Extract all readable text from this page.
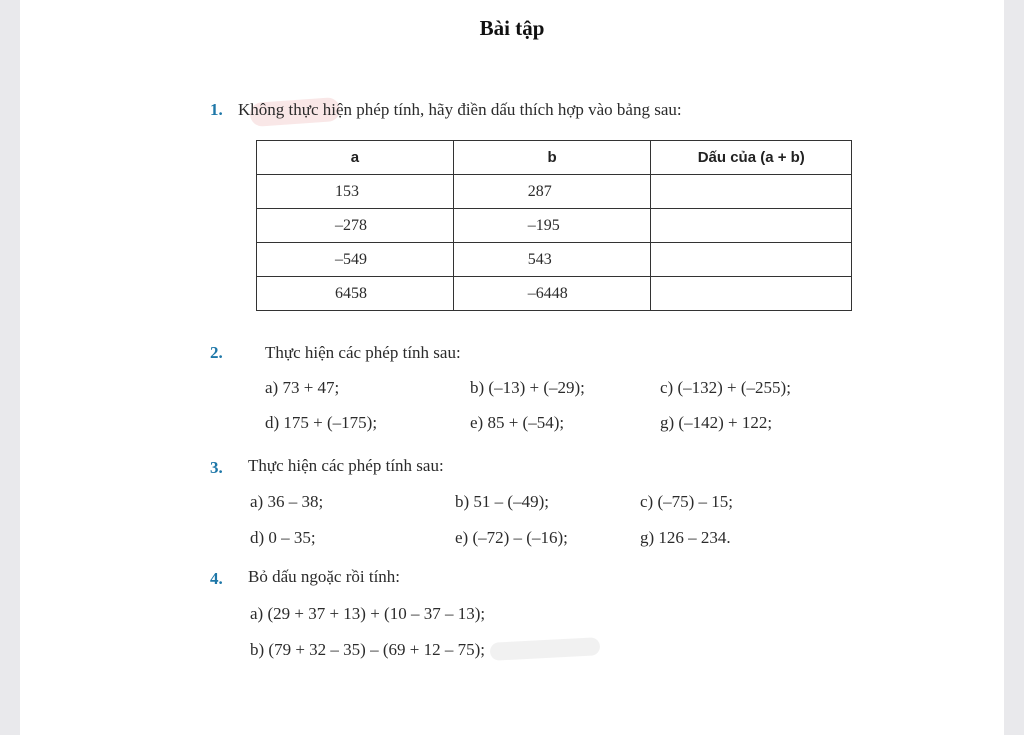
Bài tập
1. Không thực hiện phép tính, hãy điền dấu thích hợp vào bảng sau:
a	b	Dấu của (a + b)
153	287	
–278	–195	
–549	543	
6458	–6448	
2. Thực hiện các phép tính sau:
a) 73 + 47;	b) (–13) + (–29);	c) (–132) + (–255);
d) 175 + (–175);	e) 85 + (–54);	g) (–142) + 122;
3. Thực hiện các phép tính sau:
a) 36 – 38;	b) 51 – (–49);	c) (–75) – 15;
d) 0 – 35;	e) (–72) – (–16);	g) 126 – 234.
4. Bỏ dấu ngoặc rồi tính:
a) (29 + 37 + 13) + (10 – 37 – 13);
b) (79 + 32 – 35) – (69 + 12 – 75);
